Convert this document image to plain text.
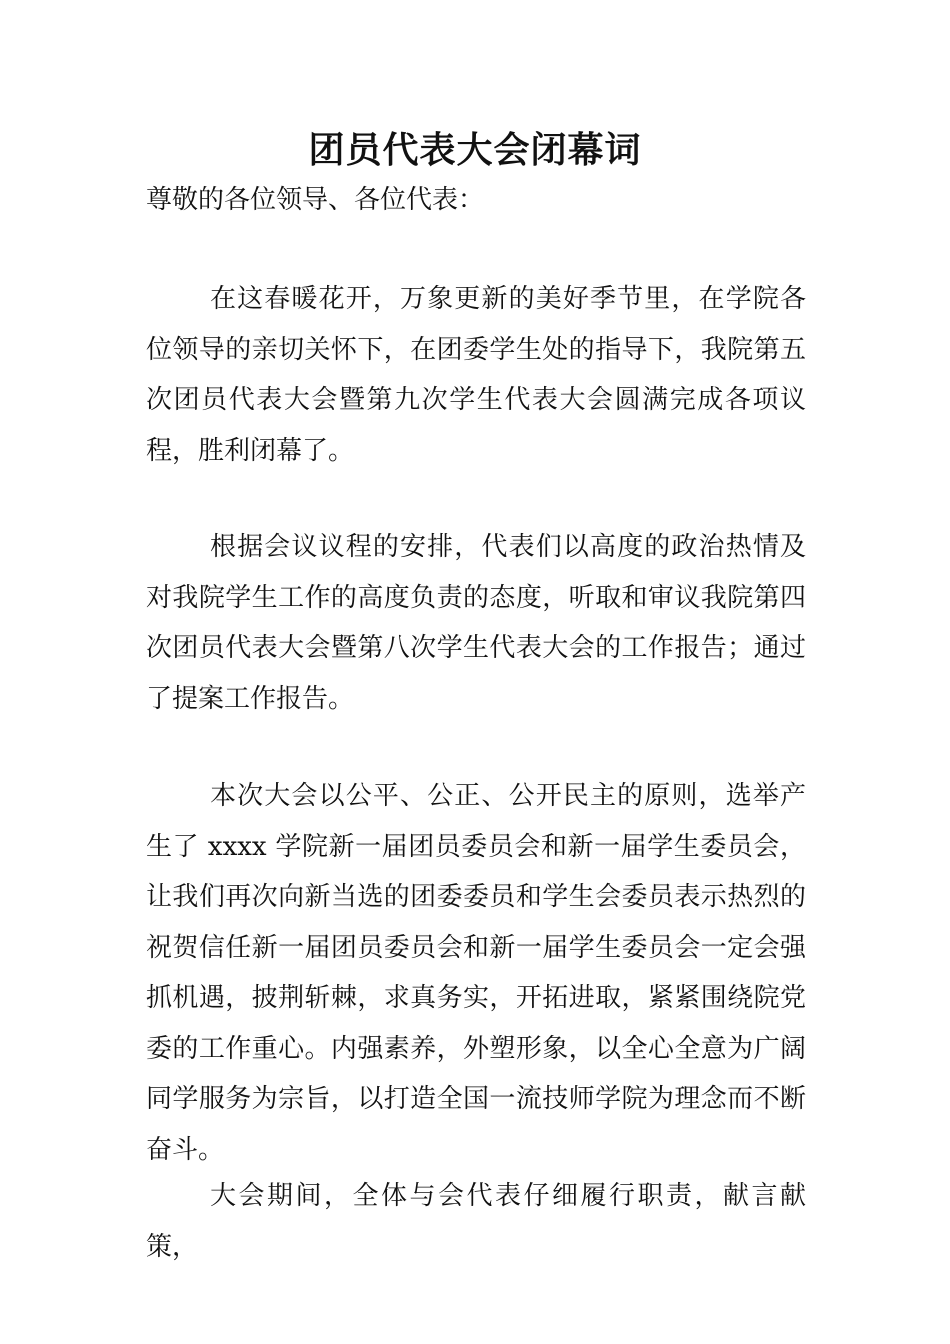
团员代表大会闭幕词

尊敬的各位领导、各位代表：

在这春暖花开，万象更新的美好季节里，在学院各位领导的亲切关怀下，在团委学生处的指导下，我院第五次团员代表大会暨第九次学生代表大会圆满完成各项议程，胜利闭幕了。

根据会议议程的安排，代表们以高度的政治热情及对我院学生工作的高度负责的态度，听取和审议我院第四次团员代表大会暨第八次学生代表大会的工作报告；通过了提案工作报告。

本次大会以公平、公正、公开民主的原则，选举产生了 xxxx 学院新一届团员委员会和新一届学生委员会，让我们再次向新当选的团委委员和学生会委员表示热烈的祝贺信任新一届团员委员会和新一届学生委员会一定会强抓机遇，披荆斩棘，求真务实，开拓进取，紧紧围绕院党委的工作重心。内强素养，外塑形象，以全心全意为广阔同学服务为宗旨，以打造全国一流技师学院为理念而不断奋斗。

大会期间，全体与会代表仔细履行职责，献言献策，
